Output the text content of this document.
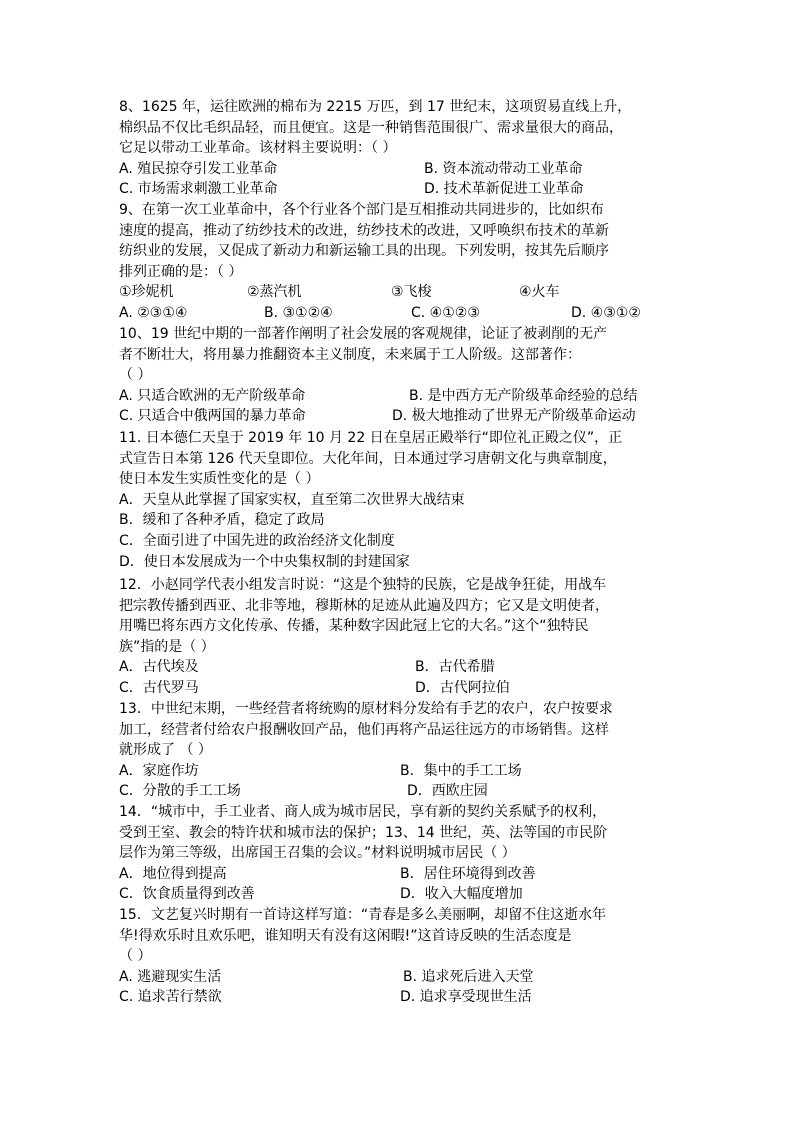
8、1625 年，运往欧洲的棉布为 2215 万匹，到 17 世纪末，这项贸易直线上升，
棉织品不仅比毛织品轻，而且便宜。这是一种销售范围很广、需求量很大的商品，
它足以带动工业革命。该材料主要说明：（ ）
A. 殖民掠夺引发工业革命	B. 资本流动带动工业革命
C. 市场需求刺激工业革命	D. 技术革新促进工业革命
9、在第一次工业革命中，各个行业各个部门是互相推动共同进步的，比如织布
速度的提高，推动了纺纱技术的改进，纺纱技术的改进，又呼唤织布技术的革新
纺织业的发展，又促成了新动力和新运输工具的出现。下列发明，按其先后顺序
排列正确的是：（ ）
①珍妮机	②蒸汽机	③飞梭	④火车
A. ②③①④	B. ③①②④	C. ④①②③	D. ④③①②
10、19 世纪中期的一部著作阐明了社会发展的客观规律，论证了被剥削的无产
者不断壮大，将用暴力推翻资本主义制度，未来属于工人阶级。这部著作：
（ ）
A. 只适合欧洲的无产阶级革命	B. 是中西方无产阶级革命经验的总结
C. 只适合中俄两国的暴力革命	D. 极大地推动了世界无产阶级革命运动
11. 日本德仁天皇于 2019 年 10 月 22 日在皇居正殿举行“即位礼正殿之仪”，正
式宣告日本第 126 代天皇即位。大化年间，日本通过学习唐朝文化与典章制度，
使日本发生实质性变化的是（ ）
A．天皇从此掌握了国家实权，直至第二次世界大战结束
B．缓和了各种矛盾，稳定了政局
C．全面引进了中国先进的政治经济文化制度
D．使日本发展成为一个中央集权制的封建国家
12．小赵同学代表小组发言时说：“这是个独特的民族，它是战争狂徒，用战车
把宗教传播到西亚、北非等地，穆斯林的足迹从此遍及四方；它又是文明使者，
用嘴巴将东西方文化传承、传播，某种数字因此冠上它的大名。”这个“独特民
族”指的是（ ）
A．古代埃及	B．古代希腊
C．古代罗马	D．古代阿拉伯
13．中世纪末期，一些经营者将统购的原材料分发给有手艺的农户，农户按要求
加工，经营者付给农户报酬收回产品，他们再将产品运往远方的市场销售。这样
就形成了 （ ）
A．家庭作坊	B．集中的手工工场
C．分散的手工工场	D．西欧庄园
14．“城市中，手工业者、商人成为城市居民，享有新的契约关系赋予的权利，
受到王室、教会的特许状和城市法的保护；13、14 世纪，英、法等国的市民阶
层作为第三等级，出席国王召集的会议。”材料说明城市居民（ ）
A．地位得到提高	B．居住环境得到改善
C．饮食质量得到改善	D．收入大幅度增加
15．文艺复兴时期有一首诗这样写道：“青春是多么美丽啊，却留不住这逝水年
华!得欢乐时且欢乐吧，谁知明天有没有这闲暇!”这首诗反映的生活态度是
（ ）
A. 逃避现实生活	B. 追求死后进入天堂
C. 追求苦行禁欲	D. 追求享受现世生活
